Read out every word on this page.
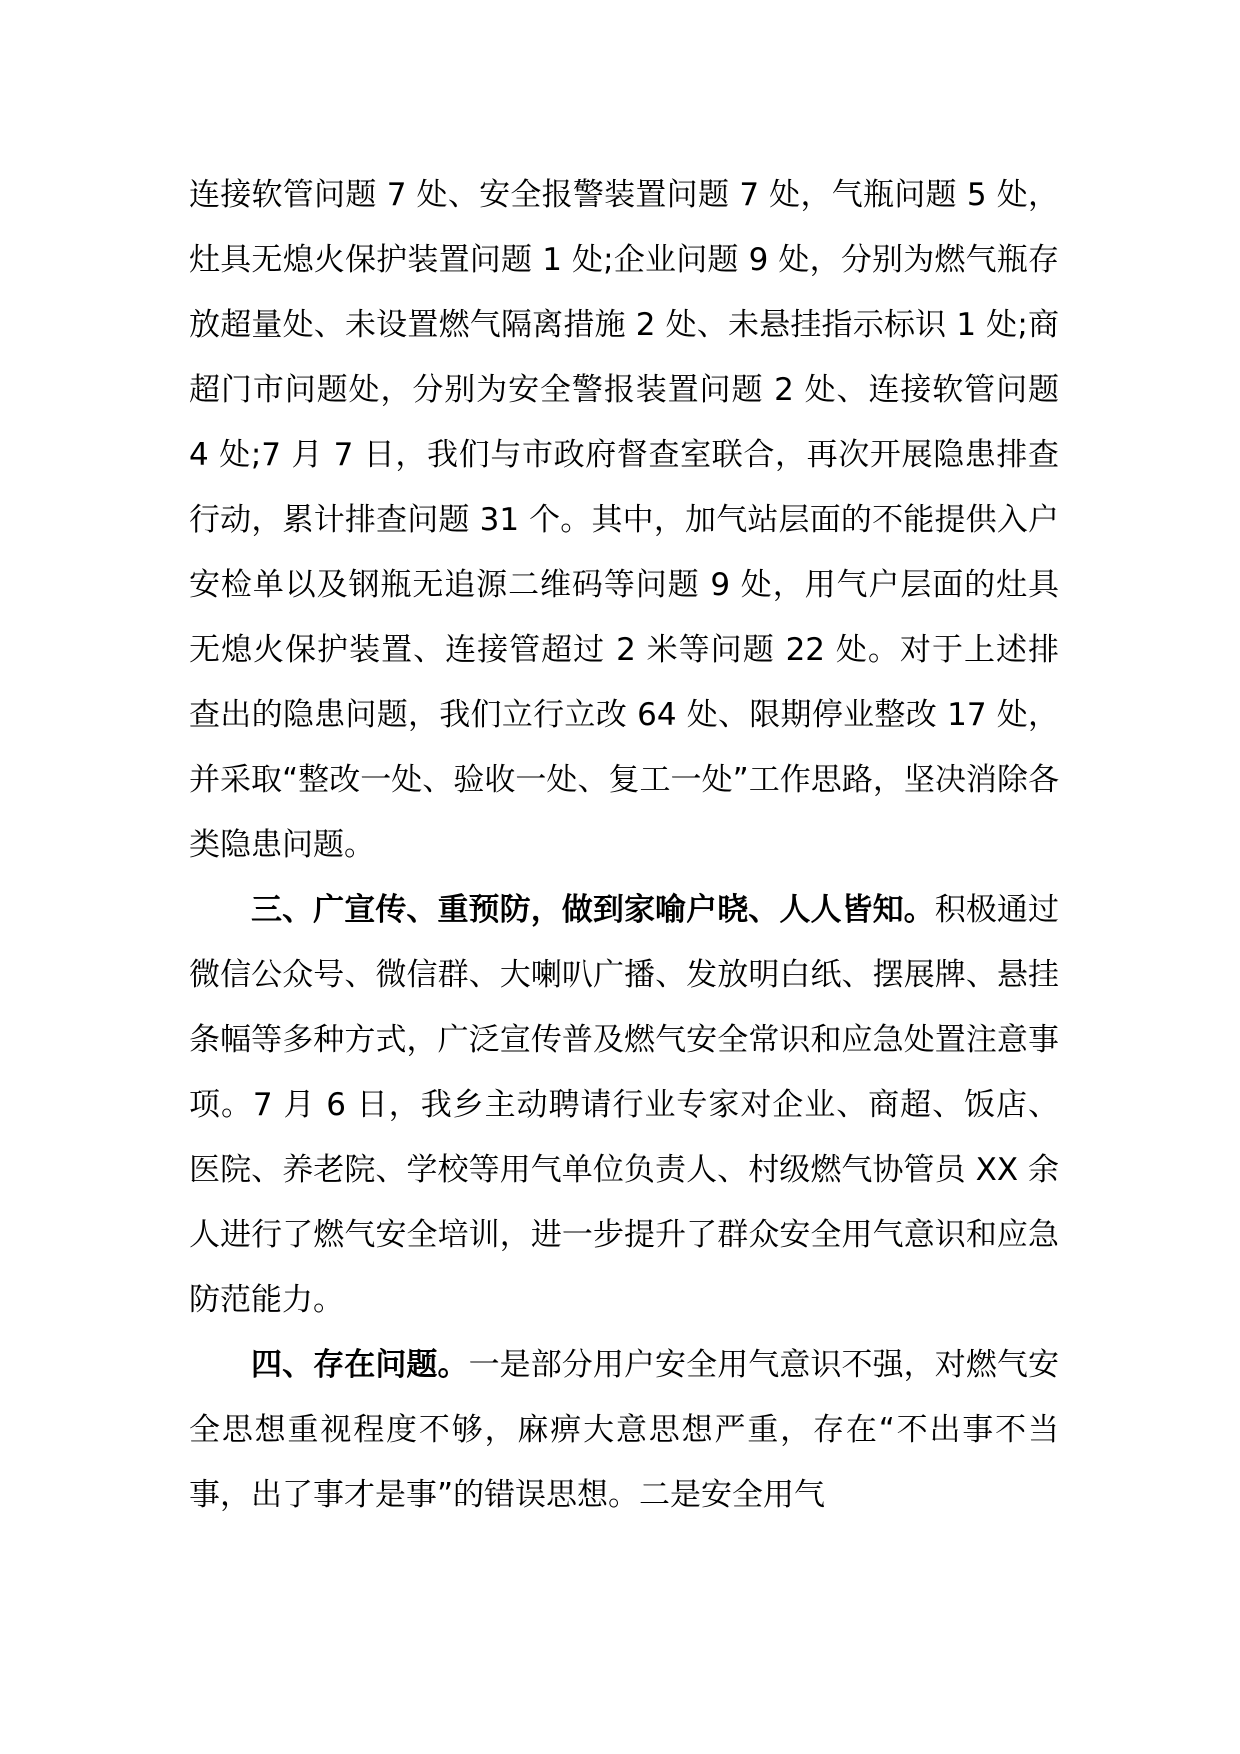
连接软管问题 7 处、安全报警装置问题 7 处，气瓶问题 5 处，灶具无熄火保护装置问题 1 处;企业问题 9 处，分别为燃气瓶存放超量处、未设置燃气隔离措施 2 处、未悬挂指示标识 1 处;商超门市问题处，分别为安全警报装置问题 2 处、连接软管问题 4 处;7 月 7 日，我们与市政府督查室联合，再次开展隐患排查行动，累计排查问题 31 个。其中，加气站层面的不能提供入户安检单以及钢瓶无追源二维码等问题 9 处，用气户层面的灶具无熄火保护装置、连接管超过 2 米等问题 22 处。对于上述排查出的隐患问题，我们立行立改 64 处、限期停业整改 17 处，并采取“整改一处、验收一处、复工一处”工作思路，坚决消除各类隐患问题。

三、广宣传、重预防，做到家喻户晓、人人皆知。积极通过微信公众号、微信群、大喇叭广播、发放明白纸、摆展牌、悬挂条幅等多种方式，广泛宣传普及燃气安全常识和应急处置注意事项。7 月 6 日，我乡主动聘请行业专家对企业、商超、饭店、医院、养老院、学校等用气单位负责人、村级燃气协管员 XX 余人进行了燃气安全培训，进一步提升了群众安全用气意识和应急防范能力。

四、存在问题。一是部分用户安全用气意识不强，对燃气安全思想重视程度不够，麻痹大意思想严重，存在“不出事不当事，出了事才是事”的错误思想。二是安全用气
